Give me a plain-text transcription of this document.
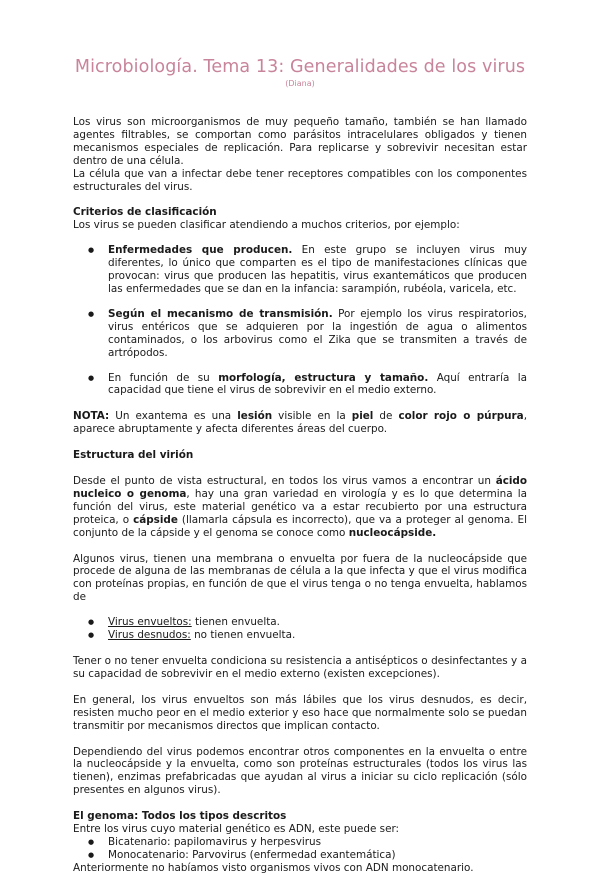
Microbiología. Tema 13: Generalidades de los virus
(Diana)

Los virus son microorganismos de muy pequeño tamaño, también se han llamado agentes filtrables, se comportan como parásitos intracelulares obligados y tienen mecanismos especiales de replicación. Para replicarse y sobrevivir necesitan estar dentro de una célula.

La célula que van a infectar debe tener receptores compatibles con los componentes estructurales del virus.

Criterios de clasificación

Los virus se pueden clasificar atendiendo a muchos criterios, por ejemplo:

● Enfermedades que producen. En este grupo se incluyen virus muy diferentes, lo único que comparten es el tipo de manifestaciones clínicas que provocan: virus que producen las hepatitis, virus exantemáticos que producen las enfermedades que se dan en la infancia: sarampión, rubéola, varicela, etc.
● Según el mecanismo de transmisión. Por ejemplo los virus respiratorios, virus entéricos que se adquieren por la ingestión de agua o alimentos contaminados, o los arbovirus como el Zika que se transmiten a través de artrópodos.
● En función de su morfología, estructura y tamaño. Aquí entraría la capacidad que tiene el virus de sobrevivir en el medio externo.

NOTA: Un exantema es una lesión visible en la piel de color rojo o púrpura, aparece abruptamente y afecta diferentes áreas del cuerpo.

Estructura del virión

Desde el punto de vista estructural, en todos los virus vamos a encontrar un ácido nucleico o genoma, hay una gran variedad en virología y es lo que determina la función del virus, este material genético va a estar recubierto por una estructura proteica, o cápside (llamarla cápsula es incorrecto), que va a proteger al genoma. El conjunto de la cápside y el genoma se conoce como nucleocápside.

Algunos virus, tienen una membrana o envuelta por fuera de la nucleocápside que procede de alguna de las membranas de célula a la que infecta y que el virus modifica con proteínas propias, en función de que el virus tenga o no tenga envuelta, hablamos de

● Virus envueltos: tienen envuelta.
● Virus desnudos: no tienen envuelta.

Tener o no tener envuelta condiciona su resistencia a antisépticos o desinfectantes y a su capacidad de sobrevivir en el medio externo (existen excepciones).

En general, los virus envueltos son más lábiles que los virus desnudos, es decir, resisten mucho peor en el medio exterior y eso hace que normalmente solo se puedan transmitir por mecanismos directos que implican contacto.

Dependiendo del virus podemos encontrar otros componentes en la envuelta o entre la nucleocápside y la envuelta, como son proteínas estructurales (todos los virus las tienen), enzimas prefabricadas que ayudan al virus a iniciar su ciclo replicación (sólo presentes en algunos virus).

El genoma: Todos los tipos descritos

Entre los virus cuyo material genético es ADN, este puede ser:

● Bicatenario: papilomavirus y herpesvirus
● Monocatenario: Parvovirus (enfermedad exantemática)

Anteriormente no habíamos visto organismos vivos con ADN monocatenario.
